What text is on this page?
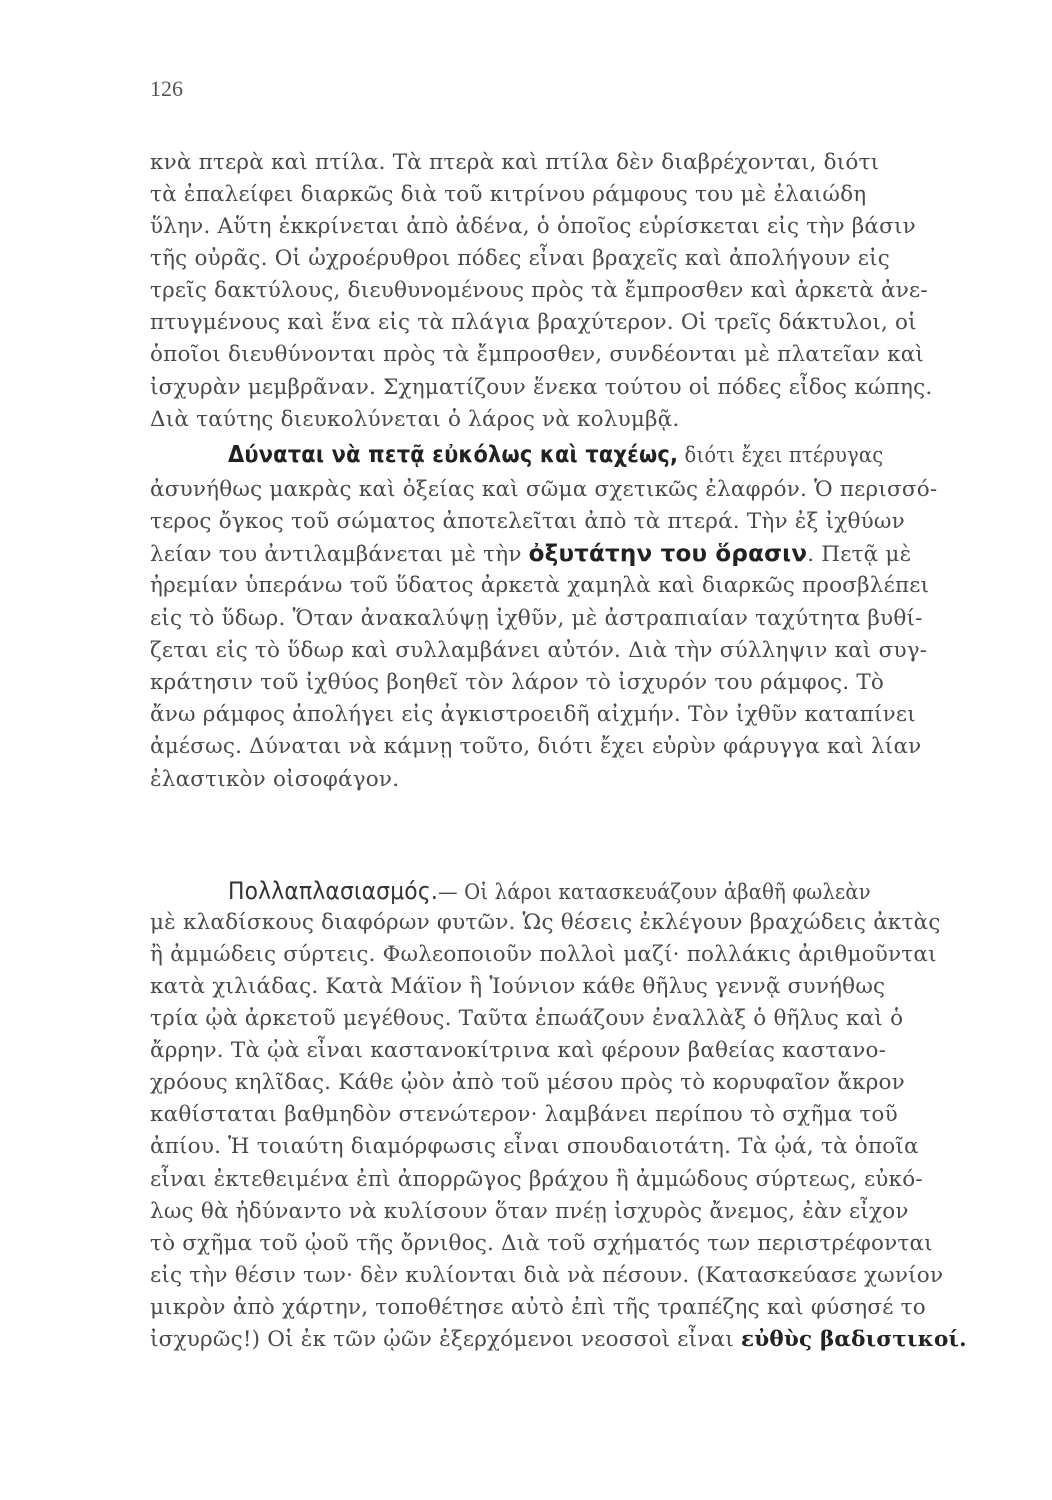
126
κνὰ πτερὰ καὶ πτίλα. Τὰ πτερὰ καὶ πτίλα δὲν διαβρέχονται, διότι
τὰ ἐπαλείφει διαρκῶς διὰ τοῦ κιτρίνου ράμφους του μὲ ἐλαιώδη
ὕλην. Αὕτη ἐκκρίνεται ἀπὸ ἀδένα, ὁ ὁποῖος εὑρίσκεται εἰς τὴν βάσιν
τῆς οὐρᾶς. Οἱ ὠχροέρυθροι πόδες εἶναι βραχεῖς καὶ ἀπολήγουν εἰς
τρεῖς δακτύλους, διευθυνομένους πρὸς τὰ ἔμπροσθεν καὶ ἀρκετὰ ἀνε-
πτυγμένους καὶ ἕνα εἰς τὰ πλάγια βραχύτερον. Οἱ τρεῖς δάκτυλοι, οἱ
ὁποῖοι διευθύνονται πρὸς τὰ ἔμπροσθεν, συνδέονται μὲ πλατεῖαν καὶ
ἰσχυρὰν μεμβρᾶναν. Σχηματίζουν ἕνεκα τούτου οἱ πόδες εἶδος κώπης.
Διὰ ταύτης διευκολύνεται ὁ λάρος νὰ κολυμβᾷ.
Δύναται νὰ πετᾷ εὐκόλως καὶ ταχέως, διότι ἔχει πτέρυγας
ἀσυνήθως μακρὰς καὶ ὀξείας καὶ σῶμα σχετικῶς ἐλαφρόν. Ὁ περισσό-
τερος ὄγκος τοῦ σώματος ἀποτελεῖται ἀπὸ τὰ πτερά. Τὴν ἐξ ἰχθύων
λείαν του ἀντιλαμβάνεται μὲ τὴν ὀξυτάτην του ὅρασιν. Πετᾷ μὲ
ἠρεμίαν ὑπεράνω τοῦ ὕδατος ἀρκετὰ χαμηλὰ καὶ διαρκῶς προσβλέπει
εἰς τὸ ὕδωρ. Ὅταν ἀνακαλύψῃ ἰχθῦν, μὲ ἀστραπιαίαν ταχύτητα βυθί-
ζεται εἰς τὸ ὕδωρ καὶ συλλαμβάνει αὐτόν. Διὰ τὴν σύλληψιν καὶ συγ-
κράτησιν τοῦ ἰχθύος βοηθεῖ τὸν λάρον τὸ ἰσχυρόν του ράμφος. Τὸ
ἄνω ράμφος ἀπολήγει εἰς ἀγκιστροειδῆ αἰχμήν. Τὸν ἰχθῦν καταπίνει
ἀμέσως. Δύναται νὰ κάμνῃ τοῦτο, διότι ἔχει εὐρὺν φάρυγγα καὶ λίαν
ἐλαστικὸν οἰσοφάγον.
Πολλαπλασιασμός.— Οἱ λάροι κατασκευάζουν ἀβαθῆ φωλεὰν
μὲ κλαδίσκους διαφόρων φυτῶν. Ὡς θέσεις ἐκλέγουν βραχώδεις ἀκτὰς
ἢ ἀμμώδεις σύρτεις. Φωλεοποιοῦν πολλοὶ μαζί· πολλάκις ἀριθμοῦνται
κατὰ χιλιάδας. Κατὰ Μάϊον ἢ Ἰούνιον κάθε θῆλυς γεννᾷ συνήθως
τρία ᾠὰ ἀρκετοῦ μεγέθους. Ταῦτα ἐπωάζουν ἐναλλὰξ ὁ θῆλυς καὶ ὁ
ἄρρην. Τὰ ᾠὰ εἶναι καστανοκίτρινα καὶ φέρουν βαθείας καστανο-
χρόους κηλῖδας. Κάθε ᾠὸν ἀπὸ τοῦ μέσου πρὸς τὸ κορυφαῖον ἄκρον
καθίσταται βαθμηδὸν στενώτερον· λαμβάνει περίπου τὸ σχῆμα τοῦ
ἀπίου. Ἡ τοιαύτη διαμόρφωσις εἶναι σπουδαιοτάτη. Τὰ ᾠά, τὰ ὁποῖα
εἶναι ἐκτεθειμένα ἐπὶ ἀπορρῶγος βράχου ἢ ἀμμώδους σύρτεως, εὐκό-
λως θὰ ἠδύναντο νὰ κυλίσουν ὅταν πνέῃ ἰσχυρὸς ἄνεμος, ἐὰν εἶχον
τὸ σχῆμα τοῦ ᾠοῦ τῆς ὄρνιθος. Διὰ τοῦ σχήματός των περιστρέφονται
εἰς τὴν θέσιν των· δὲν κυλίονται διὰ νὰ πέσουν. (Κατασκεύασε χωνίον
μικρὸν ἀπὸ χάρτην, τοποθέτησε αὐτὸ ἐπὶ τῆς τραπέζης καὶ φύσησέ το
ἰσχυρῶς!) Οἱ ἐκ τῶν ᾠῶν ἐξερχόμενοι νεοσσοὶ εἶναι εὐθὺς βαδιστικοί.
